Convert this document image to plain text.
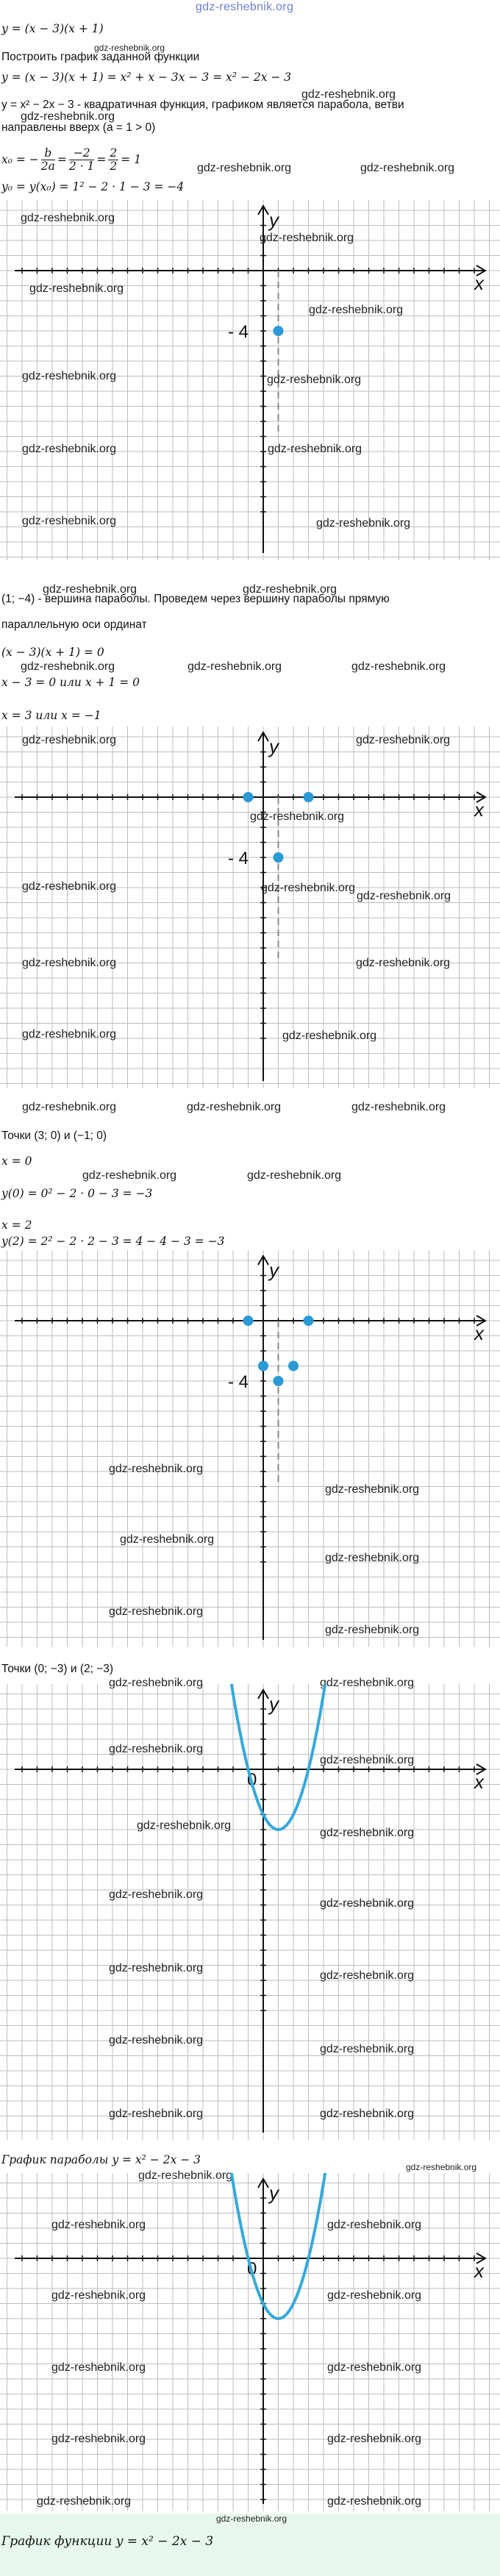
gdz-reshebnik.org
y = (x − 3)(x + 1)
gdz-reshebnik.org
Построить график заданной функции
y = (x − 3)(x + 1) = x² + x − 3x − 3 = x² − 2x − 3
gdz-reshebnik.org
y = x² − 2x − 3 - квадратичная функция, графиком является парабола, ветви
gdz-reshebnik.org
направлены вверх (a = 1 > 0)
x₀ = − $\frac{b}{2a} = \frac{-2}{2 \cdot 1} = \frac{2}{2} = 1$
gdz-reshebnik.org	gdz-reshebnik.org
y₀ = y(x₀) = 1² − 2 · 1 − 3 = −4
x
y
- 4
gdz-reshebnik.org
gdz-reshebnik.org
gdz-reshebnik.org
gdz-reshebnik.org
gdz-reshebnik.org	gdz-reshebnik.org
gdz-reshebnik.org	gdz-reshebnik.org
gdz-reshebnik.org	gdz-reshebnik.org
gdz-reshebnik.org	gdz-reshebnik.org
(1; −4) - вершина параболы. Проведем через вершину параболы прямую
параллельную оси ординат
(x − 3)(x + 1) = 0
gdz-reshebnik.org	gdz-reshebnik.org	gdz-reshebnik.org
x − 3 = 0 или x + 1 = 0
x = 3 или x = −1
x
y
- 4
gdz-reshebnik.org	gdz-reshebnik.org
gdz-reshebnik.org
gdz-reshebnik.org	gdz-reshebnik.org
gdz-reshebnik.org
gdz-reshebnik.org	gdz-reshebnik.org
gdz-reshebnik.org	gdz-reshebnik.org
gdz-reshebnik.org	gdz-reshebnik.org	gdz-reshebnik.org
Точки (3; 0) и (−1; 0)
gdz-reshebnik.org	gdz-reshebnik.org
x = 0
y(0) = 0² − 2 · 0 − 3 = −3
x = 2
y(2) = 2² − 2 · 2 − 3 = 4 − 4 − 3 = −3
x
y
- 4
gdz-reshebnik.org
gdz-reshebnik.org
gdz-reshebnik.org
gdz-reshebnik.org
gdz-reshebnik.org
gdz-reshebnik.org
Точки (0; −3) и (2; −3)
gdz-reshebnik.org	gdz-reshebnik.org
x
y
0
gdz-reshebnik.org
gdz-reshebnik.org
gdz-reshebnik.org
gdz-reshebnik.org
gdz-reshebnik.org
gdz-reshebnik.org
gdz-reshebnik.org
gdz-reshebnik.org
gdz-reshebnik.org
gdz-reshebnik.org
gdz-reshebnik.org	gdz-reshebnik.org
График параболы y = x² − 2x − 3
gdz-reshebnik.org
gdz-reshebnik.org
x
y
0
gdz-reshebnik.org	gdz-reshebnik.org
gdz-reshebnik.org	gdz-reshebnik.org
gdz-reshebnik.org	gdz-reshebnik.org
gdz-reshebnik.org	gdz-reshebnik.org
gdz-reshebnik.org	gdz-reshebnik.org
gdz-reshebnik.org
График функции y = x² − 2x − 3
